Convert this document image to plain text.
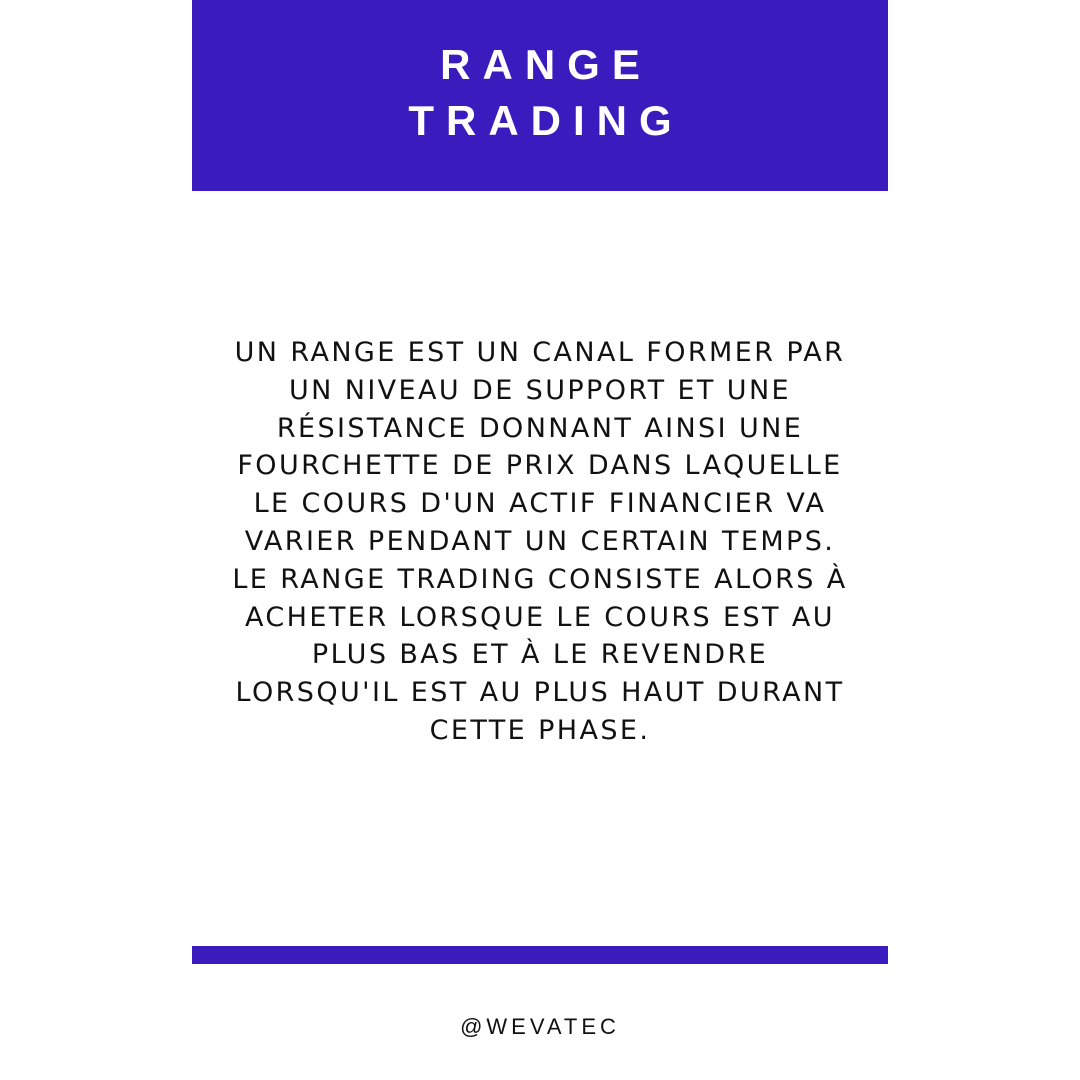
RANGE
TRADING
UN RANGE EST UN CANAL FORMER PAR
UN NIVEAU DE SUPPORT ET UNE
RÉSISTANCE DONNANT AINSI UNE
FOURCHETTE DE PRIX DANS LAQUELLE
LE COURS D'UN ACTIF FINANCIER VA
VARIER PENDANT UN CERTAIN TEMPS.
LE RANGE TRADING CONSISTE ALORS À
ACHETER LORSQUE LE COURS EST AU
PLUS BAS ET À LE REVENDRE
LORSQU'IL EST AU PLUS HAUT DURANT
CETTE PHASE.
@WEVATEC
